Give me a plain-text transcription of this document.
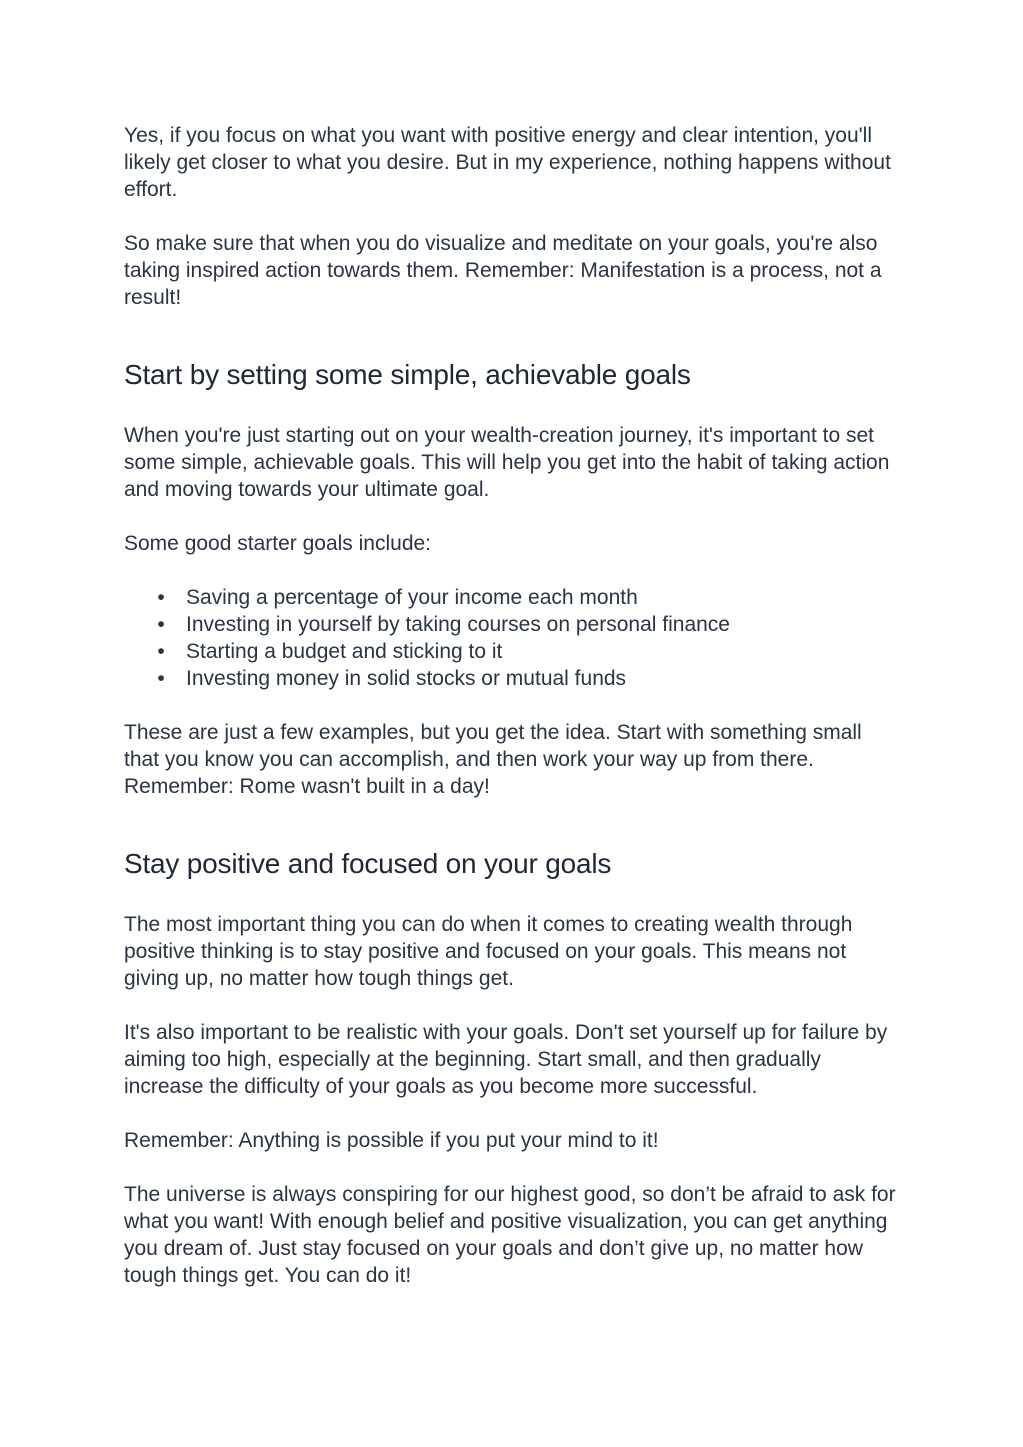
Yes, if you focus on what you want with positive energy and clear intention, you'll likely get closer to what you desire. But in my experience, nothing happens without effort.

So make sure that when you do visualize and meditate on your goals, you're also taking inspired action towards them. Remember: Manifestation is a process, not a result!

Start by setting some simple, achievable goals

When you're just starting out on your wealth-creation journey, it's important to set some simple, achievable goals. This will help you get into the habit of taking action and moving towards your ultimate goal.

Some good starter goals include:

• Saving a percentage of your income each month
• Investing in yourself by taking courses on personal finance
• Starting a budget and sticking to it
• Investing money in solid stocks or mutual funds

These are just a few examples, but you get the idea. Start with something small that you know you can accomplish, and then work your way up from there. Remember: Rome wasn't built in a day!

Stay positive and focused on your goals

The most important thing you can do when it comes to creating wealth through positive thinking is to stay positive and focused on your goals. This means not giving up, no matter how tough things get.

It's also important to be realistic with your goals. Don't set yourself up for failure by aiming too high, especially at the beginning. Start small, and then gradually increase the difficulty of your goals as you become more successful.

Remember: Anything is possible if you put your mind to it!

The universe is always conspiring for our highest good, so don’t be afraid to ask for what you want! With enough belief and positive visualization, you can get anything you dream of. Just stay focused on your goals and don’t give up, no matter how tough things get. You can do it!
